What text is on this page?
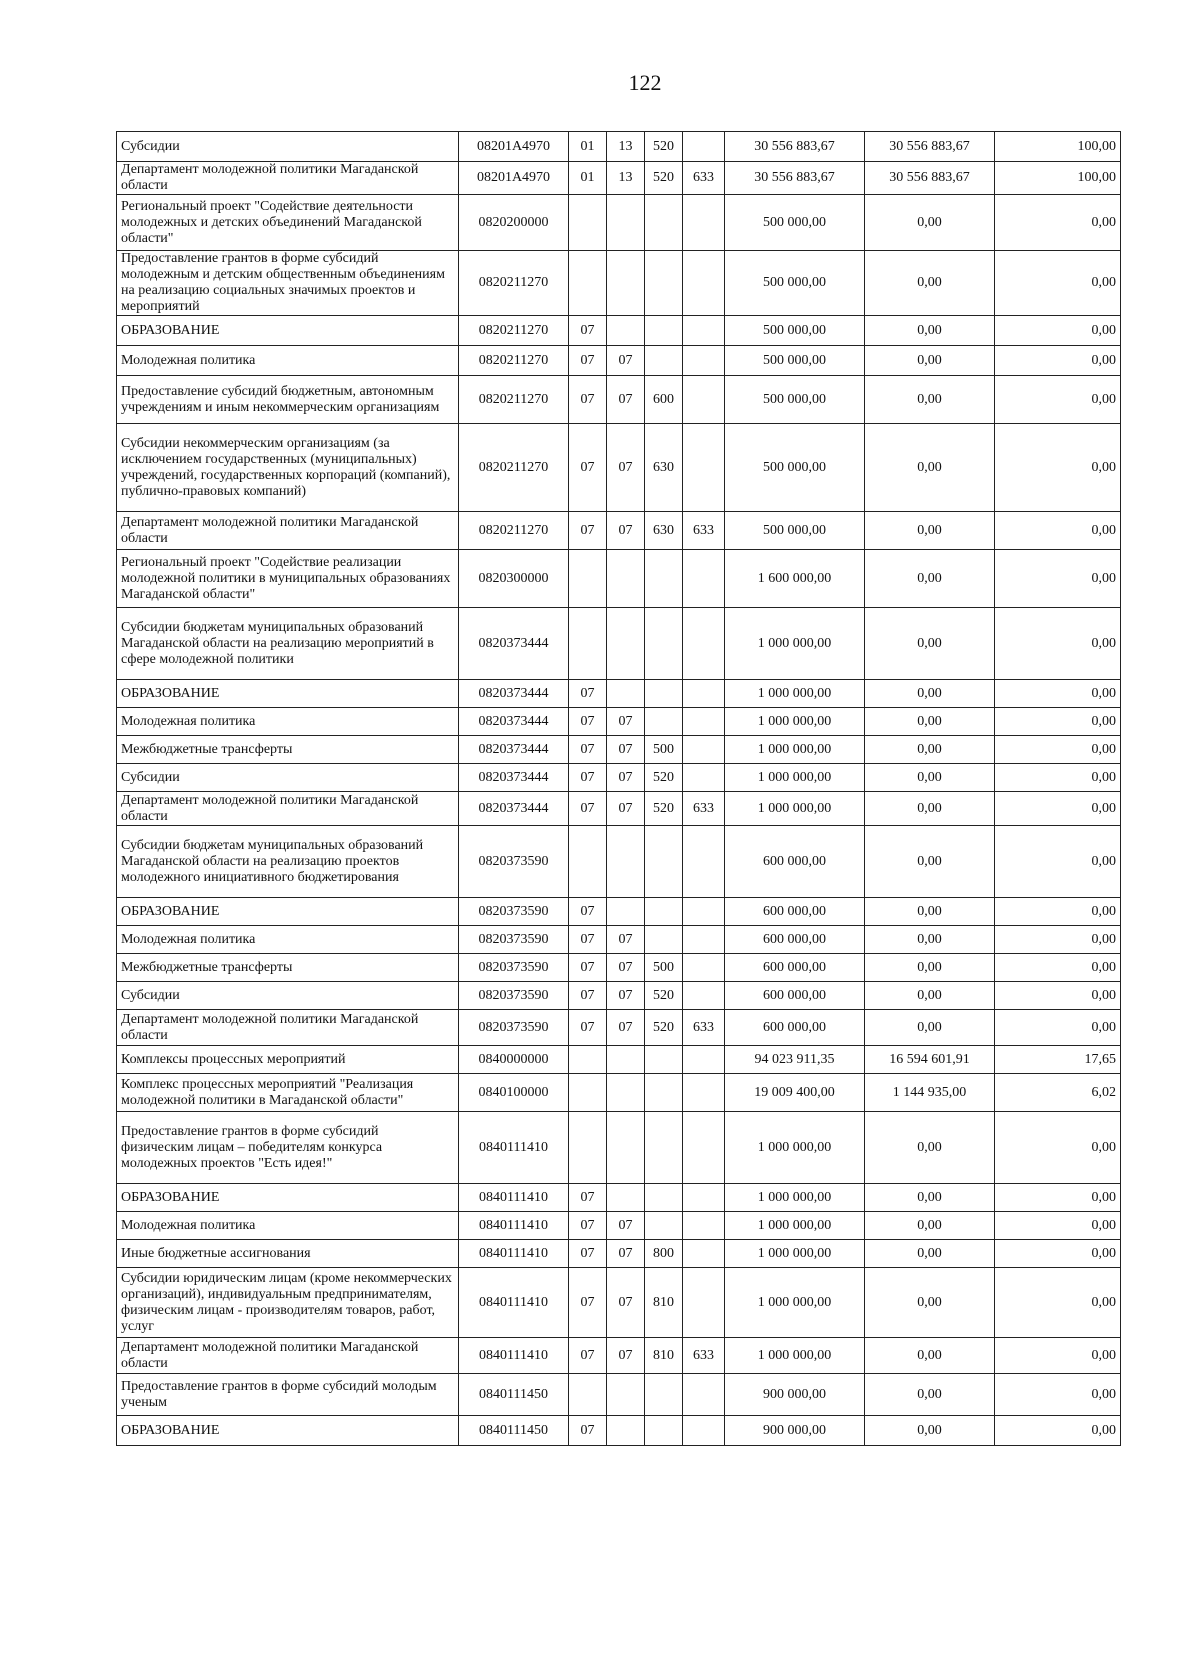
122
Субсидии	08201А4970	01	13	520		30 556 883,67	30 556 883,67	100,00
Департамент молодежной политики Магаданской области	08201А4970	01	13	520	633	30 556 883,67	30 556 883,67	100,00
Региональный проект "Содействие деятельности молодежных и детских объединений Магаданской области"	0820200000					500 000,00	0,00	0,00
Предоставление грантов в форме субсидий молодежным и детским общественным объединениям на реализацию социальных значимых проектов и мероприятий	0820211270					500 000,00	0,00	0,00
ОБРАЗОВАНИЕ	0820211270	07				500 000,00	0,00	0,00
Молодежная политика	0820211270	07	07			500 000,00	0,00	0,00
Предоставление субсидий бюджетным, автономным учреждениям и иным некоммерческим организациям	0820211270	07	07	600		500 000,00	0,00	0,00
Субсидии некоммерческим организациям (за исключением государственных (муниципальных) учреждений, государственных корпораций (компаний), публично-правовых компаний)	0820211270	07	07	630		500 000,00	0,00	0,00
Департамент молодежной политики Магаданской области	0820211270	07	07	630	633	500 000,00	0,00	0,00
Региональный проект "Содействие реализации молодежной политики в муниципальных образованиях Магаданской области"	0820300000					1 600 000,00	0,00	0,00
Субсидии бюджетам муниципальных образований Магаданской области на реализацию мероприятий в сфере молодежной политики	0820373444					1 000 000,00	0,00	0,00
ОБРАЗОВАНИЕ	0820373444	07				1 000 000,00	0,00	0,00
Молодежная политика	0820373444	07	07			1 000 000,00	0,00	0,00
Межбюджетные трансферты	0820373444	07	07	500		1 000 000,00	0,00	0,00
Субсидии	0820373444	07	07	520		1 000 000,00	0,00	0,00
Департамент молодежной политики Магаданской области	0820373444	07	07	520	633	1 000 000,00	0,00	0,00
Субсидии бюджетам муниципальных образований Магаданской области на реализацию проектов молодежного инициативного бюджетирования	0820373590					600 000,00	0,00	0,00
ОБРАЗОВАНИЕ	0820373590	07				600 000,00	0,00	0,00
Молодежная политика	0820373590	07	07			600 000,00	0,00	0,00
Межбюджетные трансферты	0820373590	07	07	500		600 000,00	0,00	0,00
Субсидии	0820373590	07	07	520		600 000,00	0,00	0,00
Департамент молодежной политики Магаданской области	0820373590	07	07	520	633	600 000,00	0,00	0,00
Комплексы процессных мероприятий	0840000000					94 023 911,35	16 594 601,91	17,65
Комплекс процессных мероприятий "Реализация молодежной политики в Магаданской области"	0840100000					19 009 400,00	1 144 935,00	6,02
Предоставление грантов в форме субсидий физическим лицам – победителям конкурса молодежных проектов "Есть идея!"	0840111410					1 000 000,00	0,00	0,00
ОБРАЗОВАНИЕ	0840111410	07				1 000 000,00	0,00	0,00
Молодежная политика	0840111410	07	07			1 000 000,00	0,00	0,00
Иные бюджетные ассигнования	0840111410	07	07	800		1 000 000,00	0,00	0,00
Субсидии юридическим лицам (кроме некоммерческих организаций), индивидуальным предпринимателям, физическим лицам - производителям товаров, работ, услуг	0840111410	07	07	810		1 000 000,00	0,00	0,00
Департамент молодежной политики Магаданской области	0840111410	07	07	810	633	1 000 000,00	0,00	0,00
Предоставление грантов в форме субсидий молодым ученым	0840111450					900 000,00	0,00	0,00
ОБРАЗОВАНИЕ	0840111450	07				900 000,00	0,00	0,00
